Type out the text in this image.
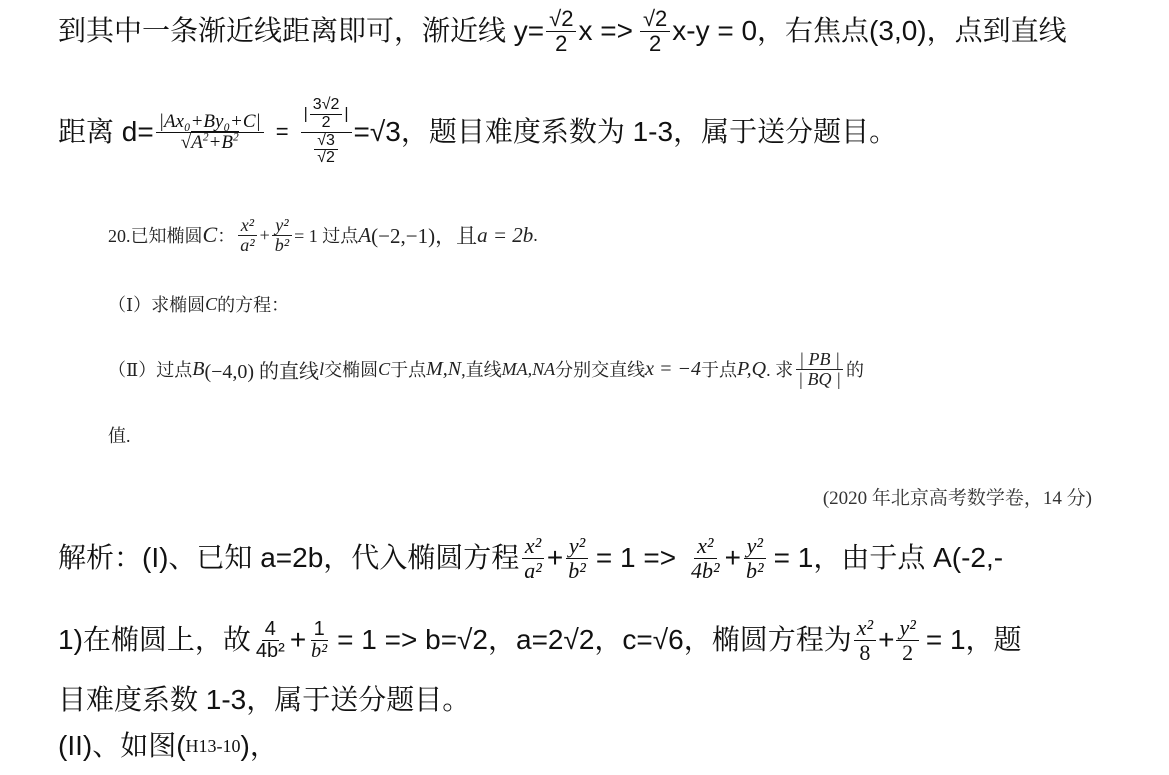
到其中一条渐近线距离即可，渐近线 $y= \frac{√2}{2}$ $x => \frac{√2}{2} x-y = 0$，右焦点(3,0)，点到直线
距离 $d= \frac{\text{|Ax₀+By₀+C|}}{√A^2+B^2} = \frac{| \frac{3√2}{2} |}{\frac{√3}{√2}} =√3$，题目难度系数为 1-3，属于送分题目。
20.已知椭圆 C ： $\frac{\text{x²}}{\text{a²}} + \frac{\text{y²}}{\text{b²}} = 1$ 过点 A (−2,−1)，且 a = 2b .
（Ⅰ）求椭圆 C 的方程：
（Ⅱ）过点 B (−4,0) 的直线 l 交椭圆 C 于点 M,N ,直线 MA,NA 分别交直线 x = −4 于点 P,Q . 求 $\frac{| PB |}{| BQ |}$ 的
值.
(2020 年北京高考数学卷，14 分)
解析：(I)、已知 a=2b，代入椭圆方程 $\frac{\text{x²}}{\text{a²}} + \frac{\text{y²}}{\text{b²}} = 1 => \frac{\text{x²}}{\text{4b²}} + \frac{\text{y²}}{\text{b²}} = 1$，由于点 A(-2,-
1)在椭圆上，故 $\frac{4}{\text{4b²}} + \frac{1}{\text{b²}} = 1 => b=√2$，a=2√2，c=√6，椭圆方程为 $\frac{\text{x²}}{8} + \frac{\text{y²}}{2} = 1$，题
目难度系数 1-3，属于送分题目。
(II)、如图( H13-10 )，
